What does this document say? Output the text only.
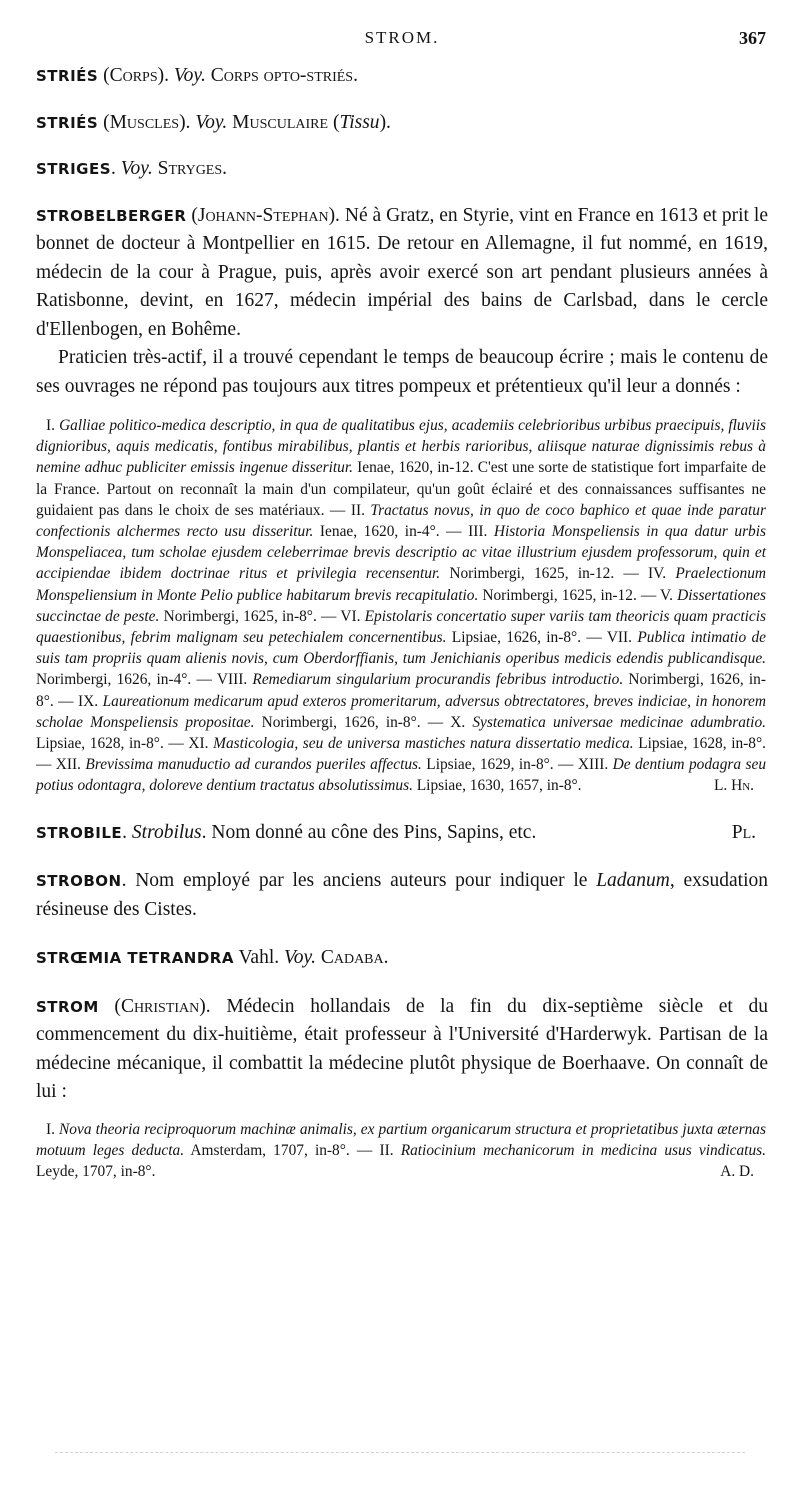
STROM.	367

STRIÉS (Corps). Voy. Corps opto-striés.

STRIÉS (Muscles). Voy. Musculaire (Tissu).

STRIGES. Voy. Stryges.

STROBELBERGER (Johann-Stephan). Né à Gratz, en Styrie, vint en France en 1613 et prit le bonnet de docteur à Montpellier en 1615. De retour en Allemagne, il fut nommé, en 1619, médecin de la cour à Prague, puis, après avoir exercé son art pendant plusieurs années à Ratisbonne, devint, en 1627, médecin impérial des bains de Carlsbad, dans le cercle d'Ellenbogen, en Bohême.

Praticien très-actif, il a trouvé cependant le temps de beaucoup écrire ; mais le contenu de ses ouvrages ne répond pas toujours aux titres pompeux et prétentieux qu'il leur a donnés :

I. Galliae politico-medica descriptio, in qua de qualitatibus ejus, academiis celebrioribus urbibus praecipuis, fluviis dignioribus, aquis medicatis, fontibus mirabilibus, plantis et herbis rarioribus, aliisque naturae dignissimis rebus à nemine adhuc publiciter emissis ingenue disseritur. Ienae, 1620, in-12. C'est une sorte de statistique fort imparfaite de la France. Partout on reconnaît la main d'un compilateur, qu'un goût éclairé et des connaissances suffisantes ne guidaient pas dans le choix de ses matériaux. — II. Tractatus novus, in quo de coco baphico et quae inde paratur confectionis alchermes recto usu disseritur. Ienae, 1620, in-4°. — III. Historia Monspeliensis in qua datur urbis Monspeliacea, tum scholae ejusdem celeberrimae brevis descriptio ac vitae illustrium ejusdem professorum, quin et accipiendae ibidem doctrinae ritus et privilegia recensentur. Norimbergi, 1625, in-12. — IV. Praelectionum Monspeliensium in Monte Pelio publice habitarum brevis recapitulatio. Norimbergi, 1625, in-12. — V. Dissertationes succinctae de peste. Norimbergi, 1625, in-8°. — VI. Epistolaris concertatio super variis tam theoricis quam practicis quaestionibus, febrim malignam seu petechialem concernentibus. Lipsiae, 1626, in-8°. — VII. Publica intimatio de suis tam propriis quam alienis novis, cum Oberdorffianis, tum Jenichianis operibus medicis edendis publicandisque. Norimbergi, 1626, in-4°. — VIII. Remediarum singularium procurandis febribus introductio. Norimbergi, 1626, in-8°. — IX. Laureationum medicarum apud exteros promeritarum, adversus obtrectatores, breves indiciae, in honorem scholae Monspeliensis propositae. Norimbergi, 1626, in-8°. — X. Systematica universae medicinae adumbratio. Lipsiae, 1628, in-8°. — XI. Masticologia, seu de universa mastiches natura dissertatio medica. Lipsiae, 1628, in-8°. — XII. Brevissima manuductio ad curandos pueriles affectus. Lipsiae, 1629, in-8°. — XIII. De dentium podagra seu potius odontagra, doloreve dentium tractatus absolutissimus. Lipsiae, 1630, 1657, in-8°.	L. Hn.

STROBILE. Strobilus. Nom donné au cône des Pins, Sapins, etc.	Pl.

STROBON. Nom employé par les anciens auteurs pour indiquer le Ladanum, exsudation résineuse des Cistes.

STRŒMIA TETRANDRA Vahl. Voy. Cadaba.

STROM (Christian). Médecin hollandais de la fin du dix-septième siècle et du commencement du dix-huitième, était professeur à l'Université d'Harderwyk. Partisan de la médecine mécanique, il combattit la médecine plutôt physique de Boerhaave. On connaît de lui :

I. Nova theoria reciproquorum machinæ animalis, ex partium organicarum structura et proprietatibus juxta æternas motuum leges deducta. Amsterdam, 1707, in-8°. — II. Ratiocinium mechanicorum in medicina usus vindicatus. Leyde, 1707, in-8°.	A. D.
